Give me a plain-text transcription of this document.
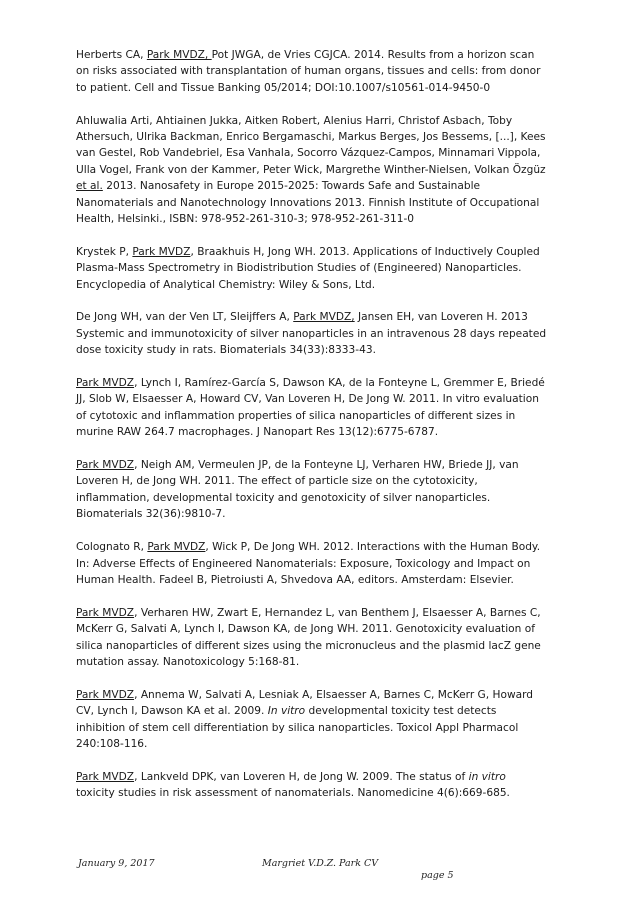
Herberts CA, Park MVDZ, Pot JWGA, de Vries CGJCA. 2014. Results from a horizon scan
on risks associated with transplantation of human organs, tissues and cells: from donor
to patient. Cell and Tissue Banking 05/2014; DOI:10.1007/s10561-014-9450-0
Ahluwalia Arti, Ahtiainen Jukka, Aitken Robert, Alenius Harri, Christof Asbach, Toby
Athersuch, Ulrika Backman, Enrico Bergamaschi, Markus Berges, Jos Bessems, [...], Kees
van Gestel, Rob Vandebriel, Esa Vanhala, Socorro Vázquez-Campos, Minnamari Vippola,
Ulla Vogel, Frank von der Kammer, Peter Wick, Margrethe Winther-Nielsen, Volkan Özgüz
et al. 2013. Nanosafety in Europe 2015-2025: Towards Safe and Sustainable
Nanomaterials and Nanotechnology Innovations 2013. Finnish Institute of Occupational
Health, Helsinki., ISBN: 978-952-261-310-3; 978-952-261-311-0
Krystek P, Park MVDZ, Braakhuis H, Jong WH. 2013. Applications of Inductively Coupled
Plasma-Mass Spectrometry in Biodistribution Studies of (Engineered) Nanoparticles.
Encyclopedia of Analytical Chemistry: Wiley & Sons, Ltd.
De Jong WH, van der Ven LT, Sleijffers A, Park MVDZ, Jansen EH, van Loveren H. 2013
Systemic and immunotoxicity of silver nanoparticles in an intravenous 28 days repeated
dose toxicity study in rats. Biomaterials 34(33):8333-43.
Park MVDZ, Lynch I, Ramírez-García S, Dawson KA, de la Fonteyne L, Gremmer E, Briedé
JJ, Slob W, Elsaesser A, Howard CV, Van Loveren H, De Jong W. 2011. In vitro evaluation
of cytotoxic and inflammation properties of silica nanoparticles of different sizes in
murine RAW 264.7 macrophages. J Nanopart Res 13(12):6775-6787.
Park MVDZ, Neigh AM, Vermeulen JP, de la Fonteyne LJ, Verharen HW, Briede JJ, van
Loveren H, de Jong WH. 2011. The effect of particle size on the cytotoxicity,
inflammation, developmental toxicity and genotoxicity of silver nanoparticles.
Biomaterials 32(36):9810-7.
Colognato R, Park MVDZ, Wick P, De Jong WH. 2012. Interactions with the Human Body.
In: Adverse Effects of Engineered Nanomaterials: Exposure, Toxicology and Impact on
Human Health. Fadeel B, Pietroiusti A, Shvedova AA, editors. Amsterdam: Elsevier.
Park MVDZ, Verharen HW, Zwart E, Hernandez L, van Benthem J, Elsaesser A, Barnes C,
McKerr G, Salvati A, Lynch I, Dawson KA, de Jong WH. 2011. Genotoxicity evaluation of
silica nanoparticles of different sizes using the micronucleus and the plasmid lacZ gene
mutation assay. Nanotoxicology 5:168-81.
Park MVDZ, Annema W, Salvati A, Lesniak A, Elsaesser A, Barnes C, McKerr G, Howard
CV, Lynch I, Dawson KA et al. 2009. In vitro developmental toxicity test detects
inhibition of stem cell differentiation by silica nanoparticles. Toxicol Appl Pharmacol
240:108-116.
Park MVDZ, Lankveld DPK, van Loveren H, de Jong W. 2009. The status of in vitro
toxicity studies in risk assessment of nanomaterials. Nanomedicine 4(6):669-685.
January 9, 2017	Margriet V.D.Z. Park CV
page 5
